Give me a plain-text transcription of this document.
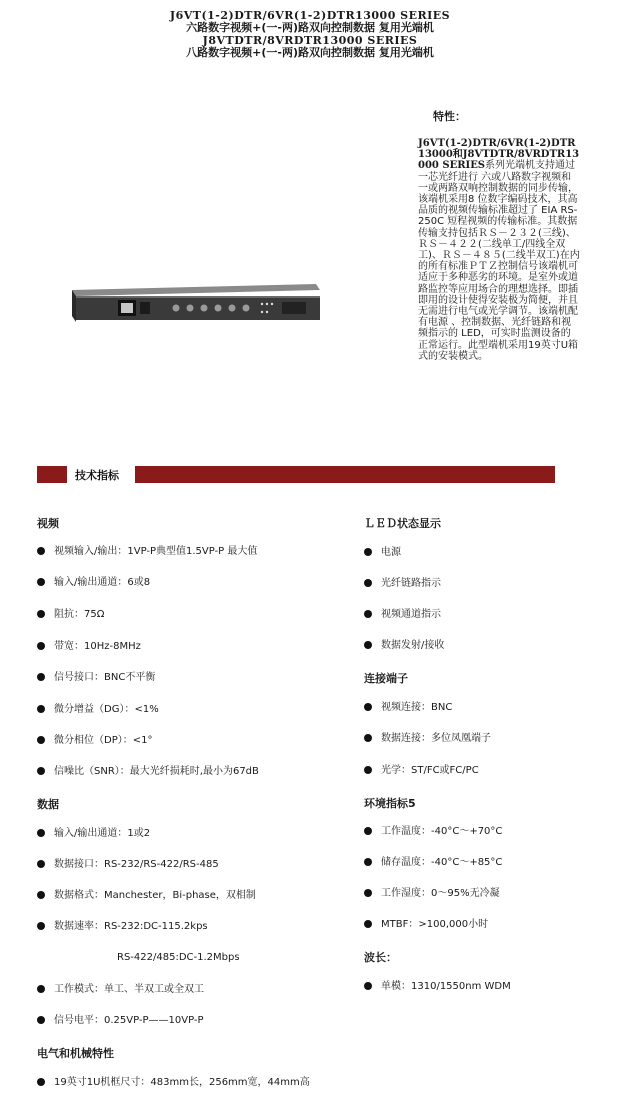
J6VT(1-2)DTR/6VR(1-2)DTR13000 SERIES
六路数字视频+(一-两)路双向控制数据 复用光端机
J8VTDTR/8VRDTR13000 SERIES
八路数字视频+(一-两)路双向控制数据 复用光端机
特性：
J6VT(1-2)DTR/6VR(1-2)DTR13000和J8VTDTR/8VRDTR13000 SERIES系列光端机支持通过一芯光纤进行 六或八路数字视频和一或两路双响控制数据的同步传输，该端机采用8 位数字编码技术，其高品质的视频传输标准超过了 EIA RS-250C 短程视频的传输标准。其数据传输支持包括ＲＳ－２３２(三线)、ＲＳ－４２２(二线单工/四线全双工)、ＲＳ－４８５(二线半双工)在内的所有标准ＰＴＺ控制信号该端机可适应于多种恶劣的环境。是室外或道路监控等应用场合的理想选择。即插即用的设计使得安装极为简便，并且无需进行电气或光学调节。该端机配有电源 、控制数据、光纤链路和视频指示的 LED，可实时监测设备的正常运行。此型端机采用19英寸U箱式的安装模式。
技术指标
视频
视频输入/输出：1VP-P典型值1.5VP-P 最大值
输入/输出通道：6或8
阻抗：75Ω
带宽：10Hz-8MHz
信号接口：BNC不平衡
微分增益（DG）：<1%
微分相位（DP）：<1°
信噪比（SNR）：最大光纤损耗时,最小为67dB
数据
输入/输出通道：1或2
数据接口：RS-232/RS-422/RS-485
数据格式：Manchester，Bi-phase，双相制
数据速率：RS-232:DC-115.2kps
RS-422/485:DC-1.2Mbps
工作模式：单工、半双工或全双工
信号电平：0.25VP-P——10VP-P
电气和机械特性
19英寸1U机框尺寸：483mm长，256mm宽，44mm高
ＬＥＤ状态显示
电源
光纤链路指示
视频通道指示
数据发射/接收
连接端子
视频连接：BNC
数据连接：多位凤凰端子
光学：ST/FC或FC/PC
环境指标5
工作温度：-40°C～+70°C
储存温度：-40°C～+85°C
工作湿度：0～95%无冷凝
MTBF：>100,000小时
波长：
单模：1310/1550nm WDM
